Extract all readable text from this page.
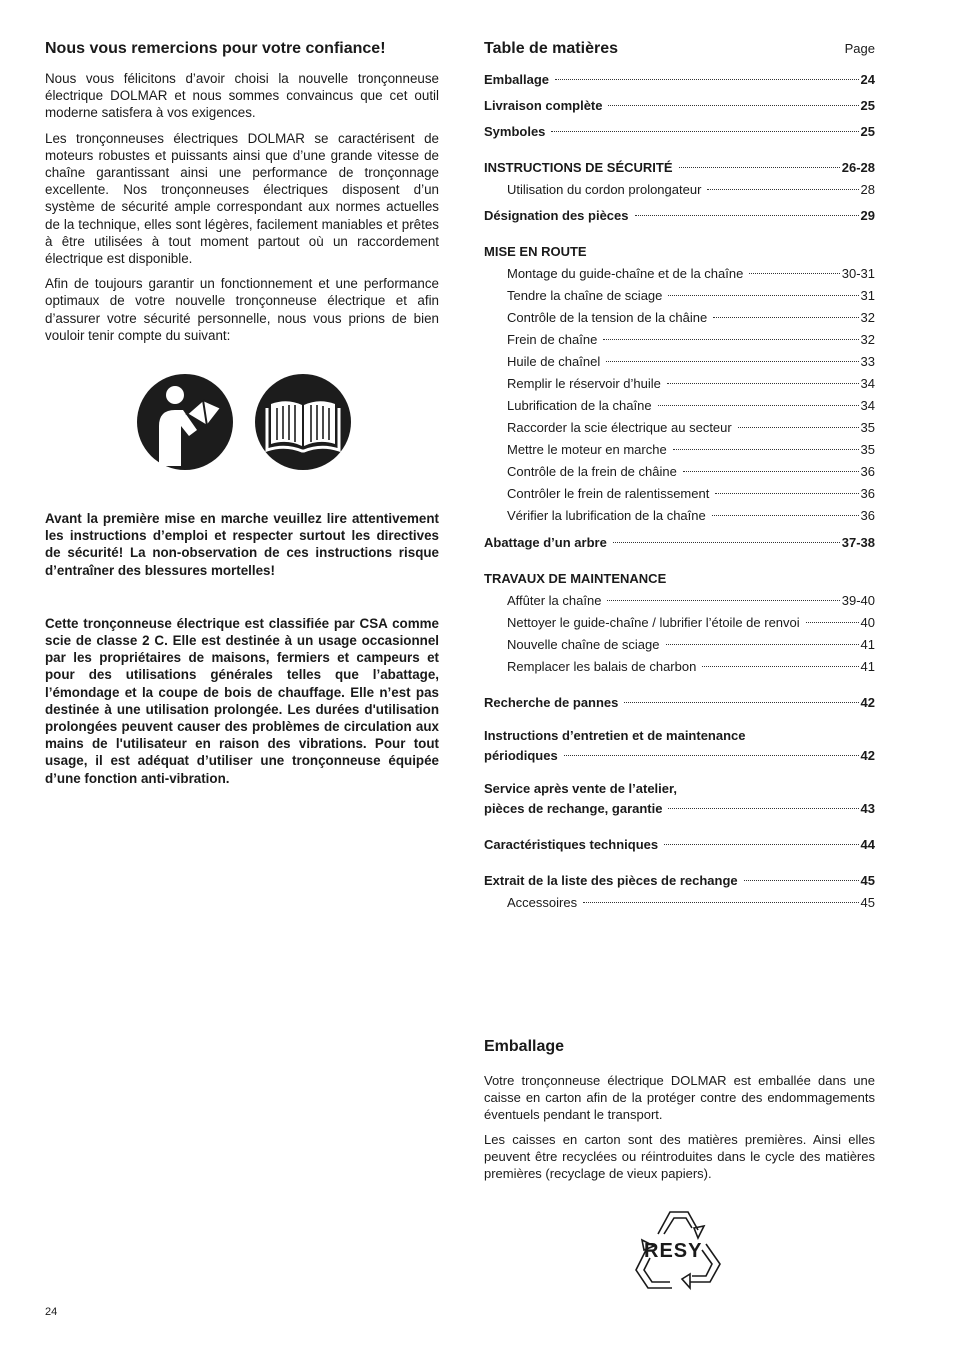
Nous vous remercions pour votre confiance!

Nous vous félicitons d’avoir choisi la nouvelle tronçonneuse électrique DOLMAR et nous sommes convaincus que cet outil moderne satisfera à vos exigences.

Les tronçonneuses électriques DOLMAR se caractérisent de moteurs robustes et puissants ainsi que d’une grande vitesse de chaîne garantissant ainsi une performance de tronçonnage excellente. Nos tronçonneuses électriques disposent d’un système de sécurité ample correspondant aux normes actuelles de la technique, elles sont légères, facilement maniables et prêtes à être utilisées à tout moment partout où un raccordement électrique est disponible.

Afin de toujours garantir un fonctionnement et une performance optimaux de votre nouvelle tronçonneuse électrique et afin d’assurer votre sécurité personnelle, nous vous prions de bien vouloir tenir compte du suivant:

Avant la première mise en marche veuillez lire attentivement les instructions d’emploi et respecter surtout les directives de sécurité! La non-observation de ces instructions risque d’entraîner des blessures mortelles!

Cette tronçonneuse électrique est classifiée par CSA comme scie de classe 2 C. Elle est destinée à un usage occasionnel par les propriétaires de maisons, fermiers et campeurs et pour des utilisations générales telles que l’abattage, l’émondage et la coupe de bois de chauffage. Elle n’est pas destinée à une utilisation prolongée. Les durées d'utilisation prolongées peuvent causer des problèmes de circulation aux mains de l'utilisateur en raison des vibrations. Pour tout usage, il est adéquat d’utiliser une tronçonneuse équipée d’une fonction anti-vibration.

Table de matières	Page
Emballage	24
Livraison complète	25
Symboles	25
INSTRUCTIONS DE SÉCURITÉ	26-28
Utilisation du cordon prolongateur	28
Désignation des pièces	29
MISE EN ROUTE
Montage du guide-chaîne et de la chaîne	30-31
Tendre la chaîne de sciage	31
Contrôle de la tension de la châine	32
Frein de chaîne	32
Huile de chaînel	33
Remplir le réservoir d’huile	34
Lubrification de la chaîne	34
Raccorder la scie électrique au secteur	35
Mettre le moteur en marche	35
Contrôle de la frein de châine	36
Contrôler le frein de ralentissement	36
Vérifier la lubrification de la chaîne	36
Abattage d’un arbre	37-38
TRAVAUX DE MAINTENANCE
Affûter la chaîne	39-40
Nettoyer le guide-chaîne / lubrifier l’étoile de renvoi	40
Nouvelle chaîne de sciage	41
Remplacer les balais de charbon	41
Recherche de pannes	42
Instructions d’entretien et de maintenance
périodiques	42
Service après vente de l’atelier,
pièces de rechange, garantie	43
Caractéristiques techniques	44
Extrait de la liste des pièces de rechange	45
Accessoires	45
Emballage

Votre tronçonneuse électrique DOLMAR est emballée dans une caisse en carton afin de la protéger contre des endommagements éventuels pendant le transport.

Les caisses en carton sont des matières premières. Ainsi elles peuvent être recyclées ou réintroduites dans le cycle des matières premières (recyclage de vieux papiers).

RESY
24
